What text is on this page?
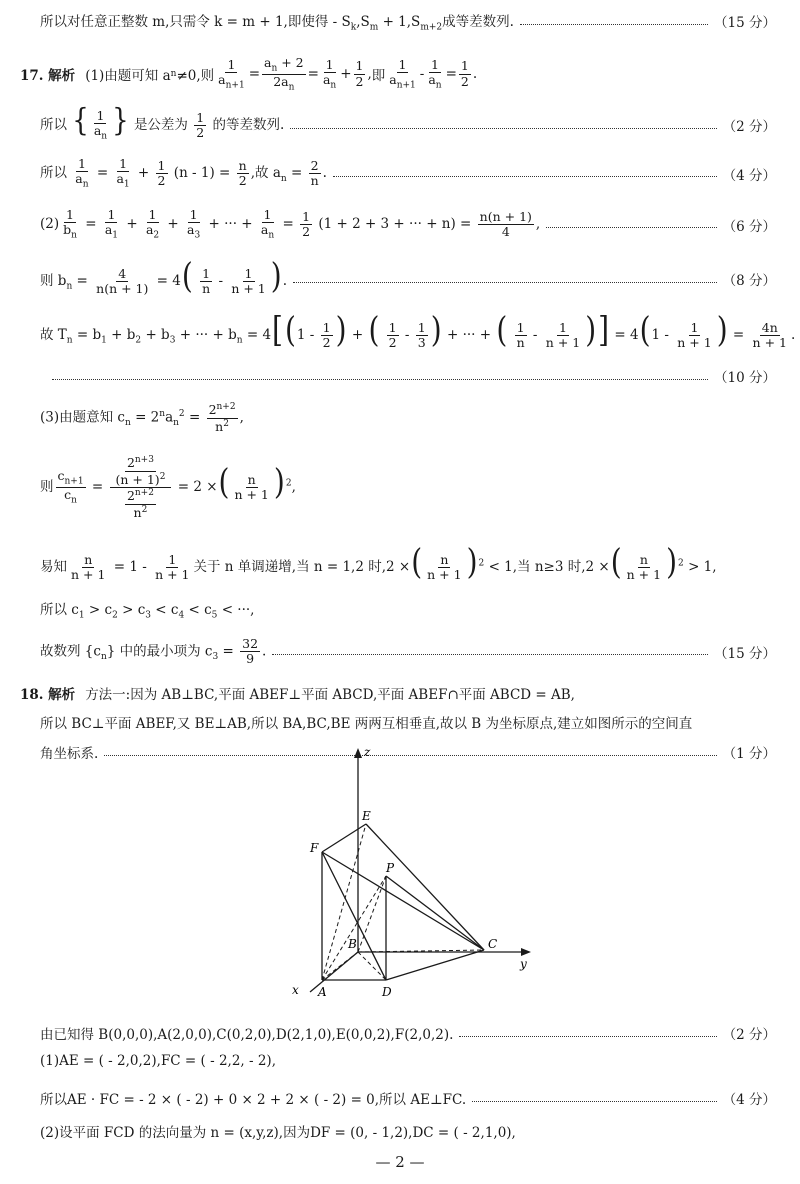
所以对任意正整数 m,只需令 k = m + 1,即使得 - $S_k,S_m + 1,S_{m+2}$成等差数列.	（15 分）
17. 解析 (1)由题可知 a n ≠0,则 $\frac{1}{a_{n+1}} = \frac{a_n + 2}{2a_n} = \frac{1}{a_n} + \frac{1}{2}$ , 即 $\frac{1}{a_{n+1}} - \frac{1}{a_n} = \frac{1}{2}$ .
所以 { $\frac{1}{a_n}$ } 是公差为 $\frac{1}{2}$ 的等差数列.	（2 分）
所以 $\frac{1}{a_n} = \frac{1}{a_1} + \frac{1}{2} (n - 1) = \frac{n}{2}$ ,故 $a_n = \frac{2}{n}$ .	（4 分）
$(2) \frac{1}{b_n} = \frac{1}{a_1} + \frac{1}{a_2} + \frac{1}{a_3}$ + ··· + $\frac{1}{a_n} = \frac{1}{2} (1 + 2 + 3$ + ··· + $n) = \frac{n(n + 1)}{4}$ ,	（6 分）
则 $b_n = \frac{4}{n(n + 1)} = 4( \frac{1}{n} - \frac{1}{n + 1}$ ).	（8 分）
故 $T_n = b_1 + b_2 + b_3$ + ··· + $b_n = 4[(1 - \frac{1}{2}$ ) + ( $\frac{1}{2} - \frac{1}{3}$ ) + ··· + ( $\frac{1}{n} - \frac{1}{n + 1}$ )] = $4(1 - \frac{1}{n + 1}$ ) = $\frac{4n}{n + 1}$ .
（10 分）
(3)由题意知 $c_n = 2^na_n^2 = \frac{2^{n+2}}{n^2}$ ,
则 $\frac{c_{n+1}}{c_n} = \frac{\frac{2^{n+3}}{(n + 1)^2}}{\frac{2^{n+2}}{n^2}} = 2$ ×( $\frac{n}{n + 1} )^2$,
易知 $\frac{n}{n + 1} = 1 - \frac{1}{n + 1}$ 关于 n 单调递增,当 n = 1,2 时,2 ×( $\frac{n}{n + 1} )^2 < 1$,当 n≥3 时,2 ×( $\frac{n}{n + 1} )^2 > 1$,
所以 $c_1 > c_2 > c_3 < c_4 < c_5$ < ···,
故数列 $\{c_n\}$ 中的最小项为 $c_3 = \frac{32}{9}$ .	（15 分）
18. 解析 方法一:因为 AB⊥BC,平面 ABEF⊥平面 ABCD,平面 ABEF∩平面 ABCD = AB,
所以 BC⊥平面 ABEF,又 BE⊥AB,所以 BA,BC,BE 两两互相垂直,故以 B 为坐标原点,建立如图所示的空间直
角坐标系.	（1 分）
z
y
x
E
F
P
B	C
A	D
由已知得 B(0,0,0),A(2,0,0),C(0,2,0),D(2,1,0),E(0,0,2),F(2,0,2).	（2 分）
(1)AE = ( - 2,0,2),FC = ( - 2,2, - 2),
所以AE · FC = - 2 × ( - 2) + 0 × 2 + 2 × ( - 2) = 0,所以 AE⊥FC.	（4 分）
(2)设平面 FCD 的法向量为 n = (x,y,z),因为DF = (0, - 1,2),DC = ( - 2,1,0),
— 2 —
